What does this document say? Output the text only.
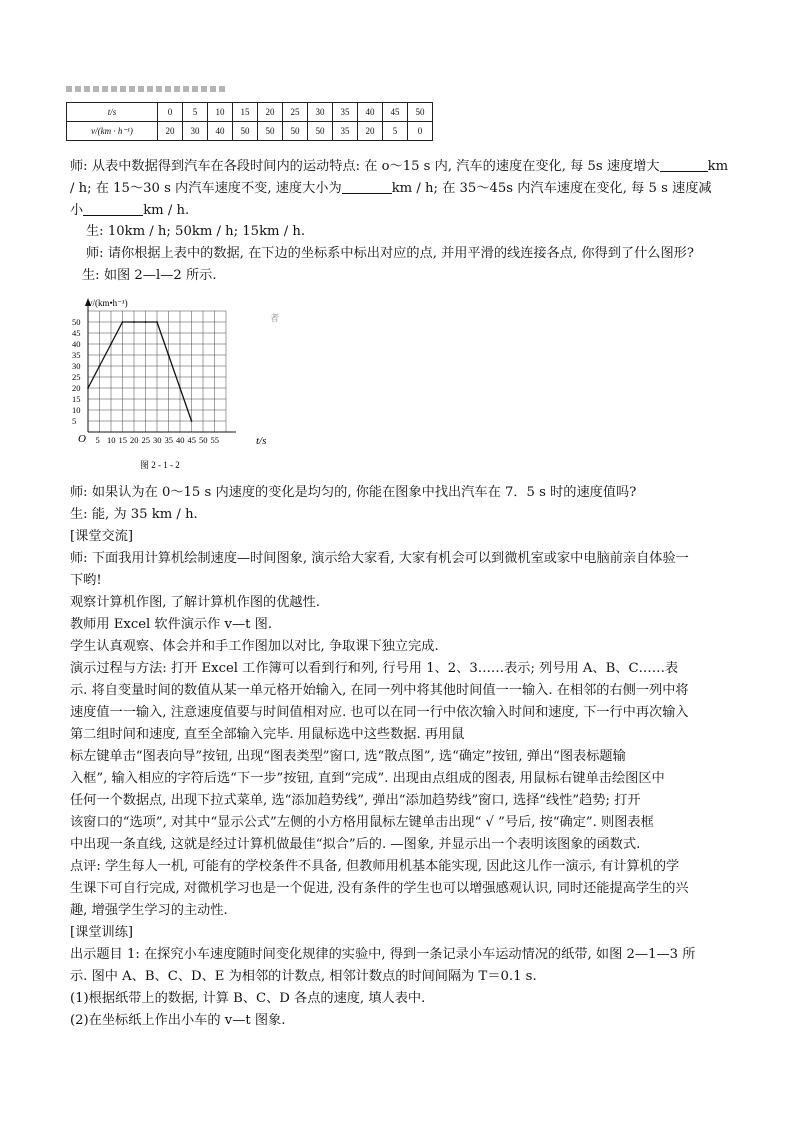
t/s	0	5	10	15	20	25	30	35	40	45	50
v/(km · h⁻¹)	20	30	40	50	50	50	50	35	20	5	0
师: 从表中数据得到汽车在各段时间内的运动特点: 在 o～15 s 内, 汽车的速度在变化, 每 5s 速度增大	km
/ h; 在 15～30 s 内汽车速度不变, 速度大小为	km / h; 在 35～45s 内汽车速度在变化, 每 5 s 速度减
小	km / h.
生: 10km / h; 50km / h; 15km / h.
师: 请你根据上表中的数据, 在下边的坐标系中标出对应的点, 并用平滑的线连接各点, 你得到了什么图形?
生: 如图 2—l—2 所示.
5
10
15
20
25
30
35
40
45
50
5 10 15 20 25 30 35 40 45 50 55
v/(km•h⁻¹)
t/s
O
图 2 - 1 - 2
者
师: 如果认为在 0～15 s 内速度的变化是均匀的, 你能在图象中找出汽车在 7．5 s 时的速度值吗?
生: 能, 为 35 km / h.
[课堂交流]
师: 下面我用计算机绘制速度—时间图象, 演示给大家看, 大家有机会可以到微机室或家中电脑前亲自体验一
下哟!
观察计算机作图, 了解计算机作图的优越性.
教师用 Excel 软件演示作 v—t 图.
学生认真观察、体会并和手工作图加以对比, 争取课下独立完成.
演示过程与方法: 打开 Excel 工作簿可以看到行和列, 行号用 1、2、3……表示; 列号用 A、B、C……表
示. 将自变量时间的数值从某一单元格开始输入, 在同一列中将其他时间值一一输入. 在相邻的右侧一列中将
速度值一一输入, 注意速度值要与时间值相对应. 也可以在同一行中依次输入时间和速度, 下一行中再次输入
第二组时间和速度, 直至全部输入完毕. 用鼠标选中这些数据. 再用鼠
标左键单击“图表向导”按钮, 出现“图表类型”窗口, 选“散点图”, 选“确定”按钮, 弹出“图表标题输
入框”, 输入相应的字符后选“下一步”按钮, 直到“完成”. 出现由点组成的图表, 用鼠标右键单击绘图区中
任何一个数据点, 出现下拉式菜单, 选“添加趋势线”, 弹出“添加趋势线”窗口, 选择“线性”趋势; 打开
该窗口的“选项”, 对其中“显示公式”左侧的小方格用鼠标左键单击出现“ √ ”号后, 按“确定”. 则图表框
中出现一条直线, 这就是经过计算机做最佳“拟合”后的. —图象, 并显示出一个表明该图象的函数式.
点评: 学生每人一机, 可能有的学校条件不具备, 但教师用机基本能实现, 因此这儿作一演示, 有计算机的学
生课下可自行完成, 对微机学习也是一个促进, 没有条件的学生也可以增强感观认识, 同时还能提高学生的兴
趣, 增强学生学习的主动性.
[课堂训练]
出示题目 1: 在探究小车速度随时间变化规律的实验中, 得到一条记录小车运动情况的纸带, 如图 2—1—3 所
示. 图中 A、B、C、D、E 为相邻的计数点, 相邻计数点的时间间隔为 T＝0.1 s.
(1)根据纸带上的数据, 计算 B、C、D 各点的速度, 填人表中.
(2)在坐标纸上作出小车的 v—t 图象.
